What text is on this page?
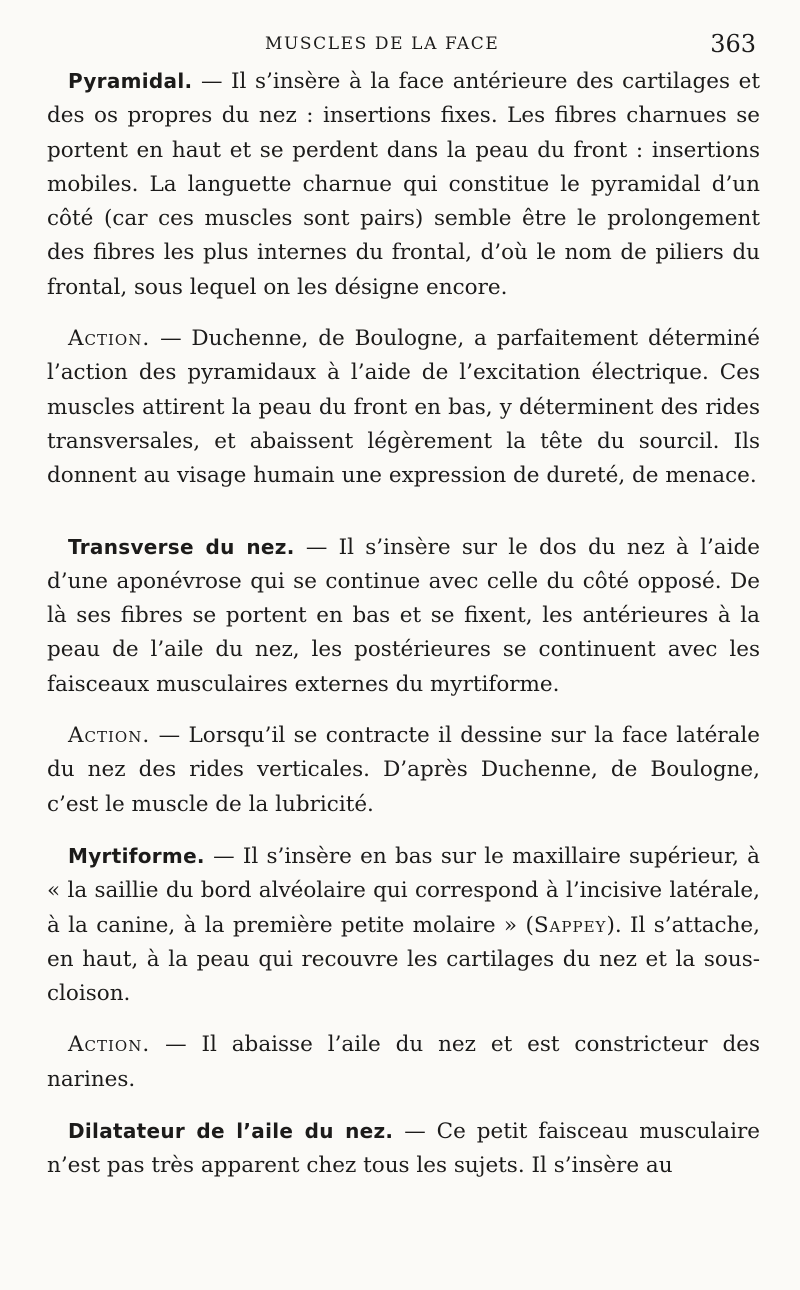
MUSCLES DE LA FACE	363

Pyramidal. — Il s’insère à la face antérieure des cartilages et des os propres du nez : insertions fixes. Les fibres charnues se portent en haut et se perdent dans la peau du front : insertions mobiles. La languette charnue qui constitue le pyramidal d’un côté (car ces muscles sont pairs) semble être le prolongement des fibres les plus internes du frontal, d’où le nom de piliers du frontal, sous lequel on les désigne encore.

Action. — Duchenne, de Boulogne, a parfaitement déterminé l’action des pyramidaux à l’aide de l’excitation électrique. Ces muscles attirent la peau du front en bas, y déterminent des rides transversales, et abaissent légèrement la tête du sourcil. Ils donnent au visage humain une expression de dureté, de menace.

Transverse du nez. — Il s’insère sur le dos du nez à l’aide d’une aponévrose qui se continue avec celle du côté opposé. De là ses fibres se portent en bas et se fixent, les antérieures à la peau de l’aile du nez, les postérieures se continuent avec les faisceaux musculaires externes du myrtiforme.

Action. — Lorsqu’il se contracte il dessine sur la face latérale du nez des rides verticales. D’après Duchenne, de Boulogne, c’est le muscle de la lubricité.

Myrtiforme. — Il s’insère en bas sur le maxillaire supérieur, à « la saillie du bord alvéolaire qui correspond à l’incisive latérale, à la canine, à la première petite molaire » (Sappey). Il s’attache, en haut, à la peau qui recouvre les cartilages du nez et la sous-cloison.

Action. — Il abaisse l’aile du nez et est constricteur des narines.

Dilatateur de l’aile du nez. — Ce petit faisceau musculaire n’est pas très apparent chez tous les sujets. Il s’insère au
